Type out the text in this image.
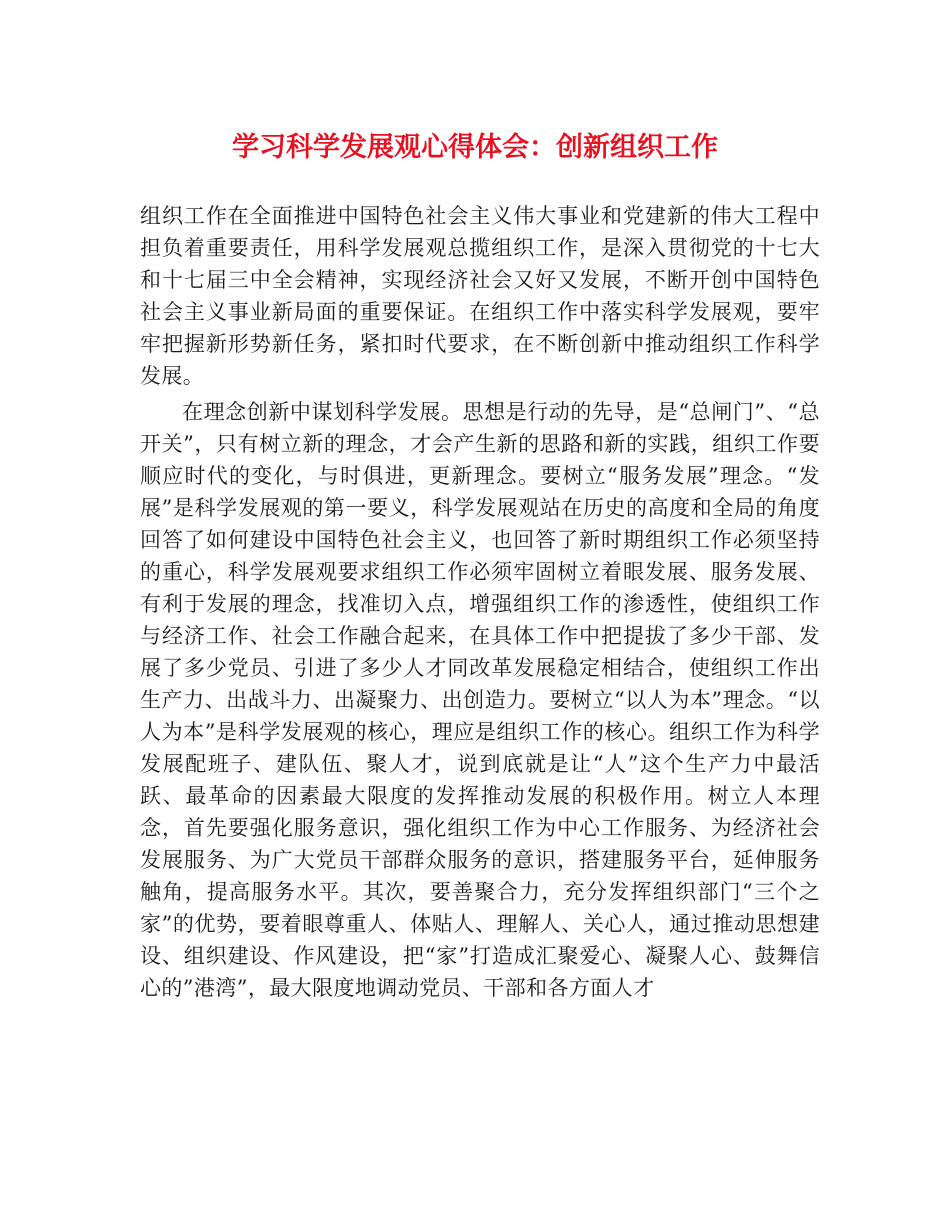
学习科学发展观心得体会：创新组织工作

组织工作在全面推进中国特色社会主义伟大事业和党建新的伟大工程中担负着重要责任，用科学发展观总揽组织工作，是深入贯彻党的十七大和十七届三中全会精神，实现经济社会又好又发展，不断开创中国特色社会主义事业新局面的重要保证。在组织工作中落实科学发展观，要牢牢把握新形势新任务，紧扣时代要求，在不断创新中推动组织工作科学发展。

在理念创新中谋划科学发展。思想是行动的先导，是“总闸门”、“总开关”，只有树立新的理念，才会产生新的思路和新的实践，组织工作要顺应时代的变化，与时俱进，更新理念。要树立“服务发展”理念。“发展”是科学发展观的第一要义，科学发展观站在历史的高度和全局的角度回答了如何建设中国特色社会主义，也回答了新时期组织工作必须坚持的重心，科学发展观要求组织工作必须牢固树立着眼发展、服务发展、有利于发展的理念，找准切入点，增强组织工作的渗透性，使组织工作与经济工作、社会工作融合起来，在具体工作中把提拔了多少干部、发展了多少党员、引进了多少人才同改革发展稳定相结合，使组织工作出生产力、出战斗力、出凝聚力、出创造力。要树立“以人为本”理念。“以人为本”是科学发展观的核心，理应是组织工作的核心。组织工作为科学发展配班子、建队伍、聚人才，说到底就是让“人”这个生产力中最活跃、最革命的因素最大限度的发挥推动发展的积极作用。树立人本理念，首先要强化服务意识，强化组织工作为中心工作服务、为经济社会发展服务、为广大党员干部群众服务的意识，搭建服务平台，延伸服务触角，提高服务水平。其次，要善聚合力，充分发挥组织部门“三个之家”的优势，要着眼尊重人、体贴人、理解人、关心人，通过推动思想建设、组织建设、作风建设，把“家”打造成汇聚爱心、凝聚人心、鼓舞信心的”港湾”，最大限度地调动党员、干部和各方面人才
